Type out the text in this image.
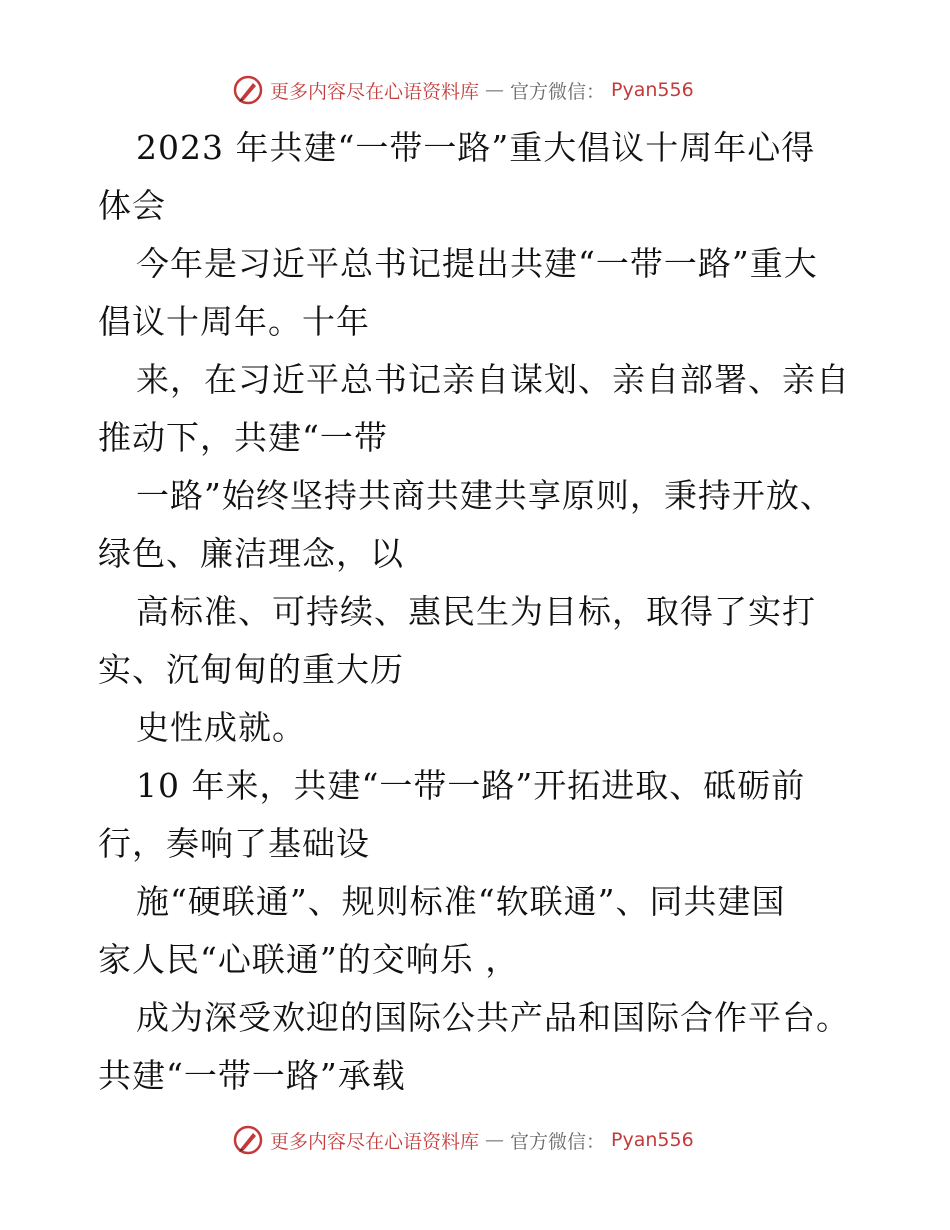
更多内容尽在心语资料库 — 官方微信： Pyan556
2023 年共建“一带一路”重大倡议十周年心得
体会
今年是习近平总书记提出共建“一带一路”重大
倡议十周年。十年
来，在习近平总书记亲自谋划、亲自部署、亲自
推动下，共建“一带
一路”始终坚持共商共建共享原则，秉持开放、
绿色、廉洁理念，以
高标准、可持续、惠民生为目标，取得了实打
实、沉甸甸的重大历
史性成就。
10 年来，共建“一带一路”开拓进取、砥砺前
行，奏响了基础设
施“硬联通”、规则标准“软联通”、同共建国
家人民“心联通”的交响乐 ，
成为深受欢迎的国际公共产品和国际合作平台。
共建“一带一路”承载
更多内容尽在心语资料库 — 官方微信： Pyan556
